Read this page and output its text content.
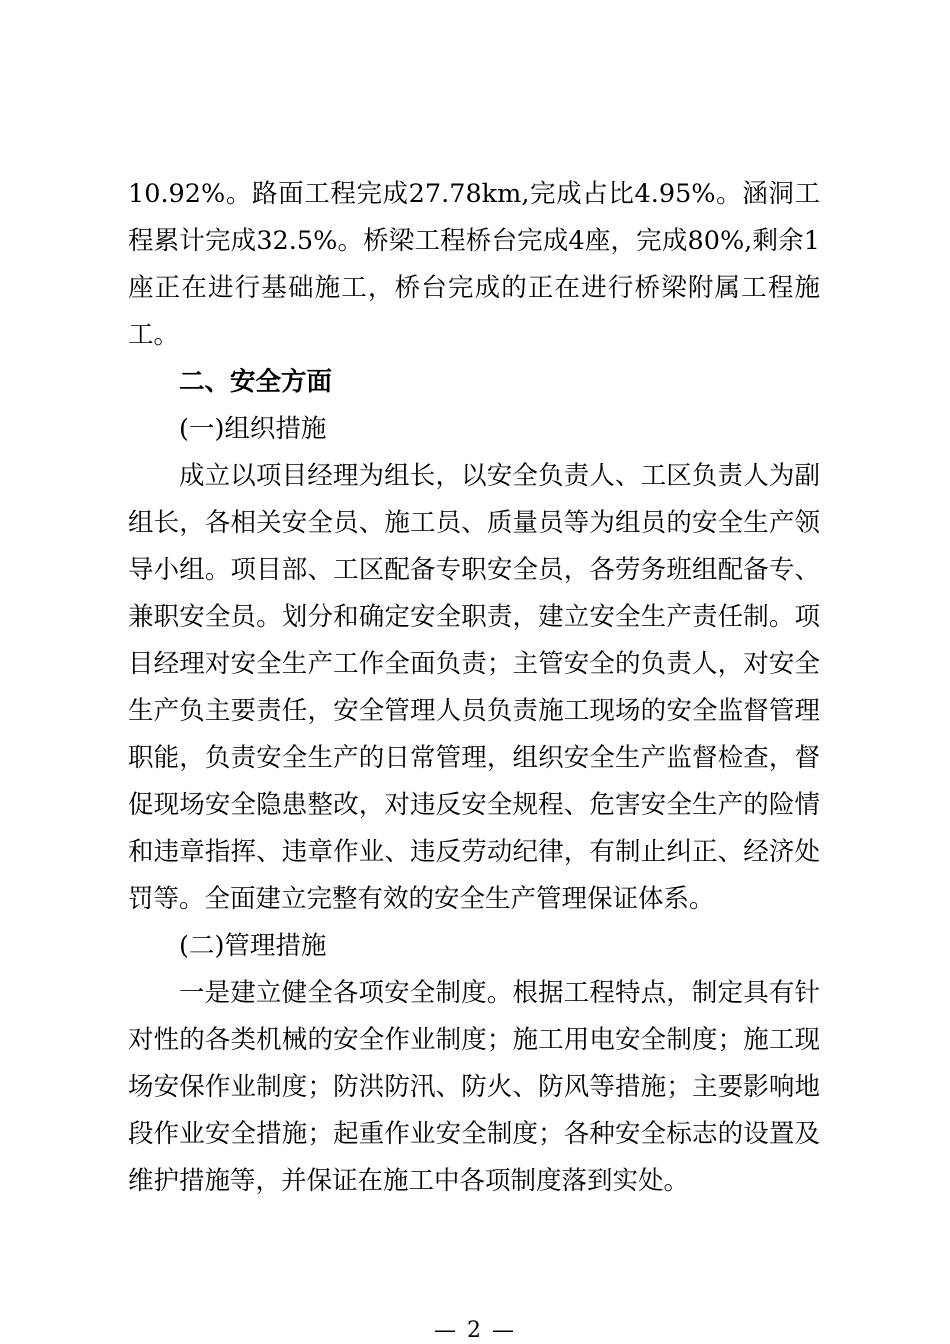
10.92%。路面工程完成27.78km,完成占比4.95%。涵洞工程累计完成32.5%。桥梁工程桥台完成4座，完成80%,剩余1座正在进行基础施工，桥台完成的正在进行桥梁附属工程施工。

二、安全方面

(一)组织措施

成立以项目经理为组长，以安全负责人、工区负责人为副组长，各相关安全员、施工员、质量员等为组员的安全生产领导小组。项目部、工区配备专职安全员，各劳务班组配备专、兼职安全员。划分和确定安全职责，建立安全生产责任制。项目经理对安全生产工作全面负责；主管安全的负责人，对安全生产负主要责任，安全管理人员负责施工现场的安全监督管理职能，负责安全生产的日常管理，组织安全生产监督检查，督促现场安全隐患整改，对违反安全规程、危害安全生产的险情和违章指挥、违章作业、违反劳动纪律，有制止纠正、经济处罚等。全面建立完整有效的安全生产管理保证体系。

(二)管理措施

一是建立健全各项安全制度。根据工程特点，制定具有针对性的各类机械的安全作业制度；施工用电安全制度；施工现场安保作业制度；防洪防汛、防火、防风等措施；主要影响地段作业安全措施；起重作业安全制度；各种安全标志的设置及维护措施等，并保证在施工中各项制度落到实处。

— 2 —
